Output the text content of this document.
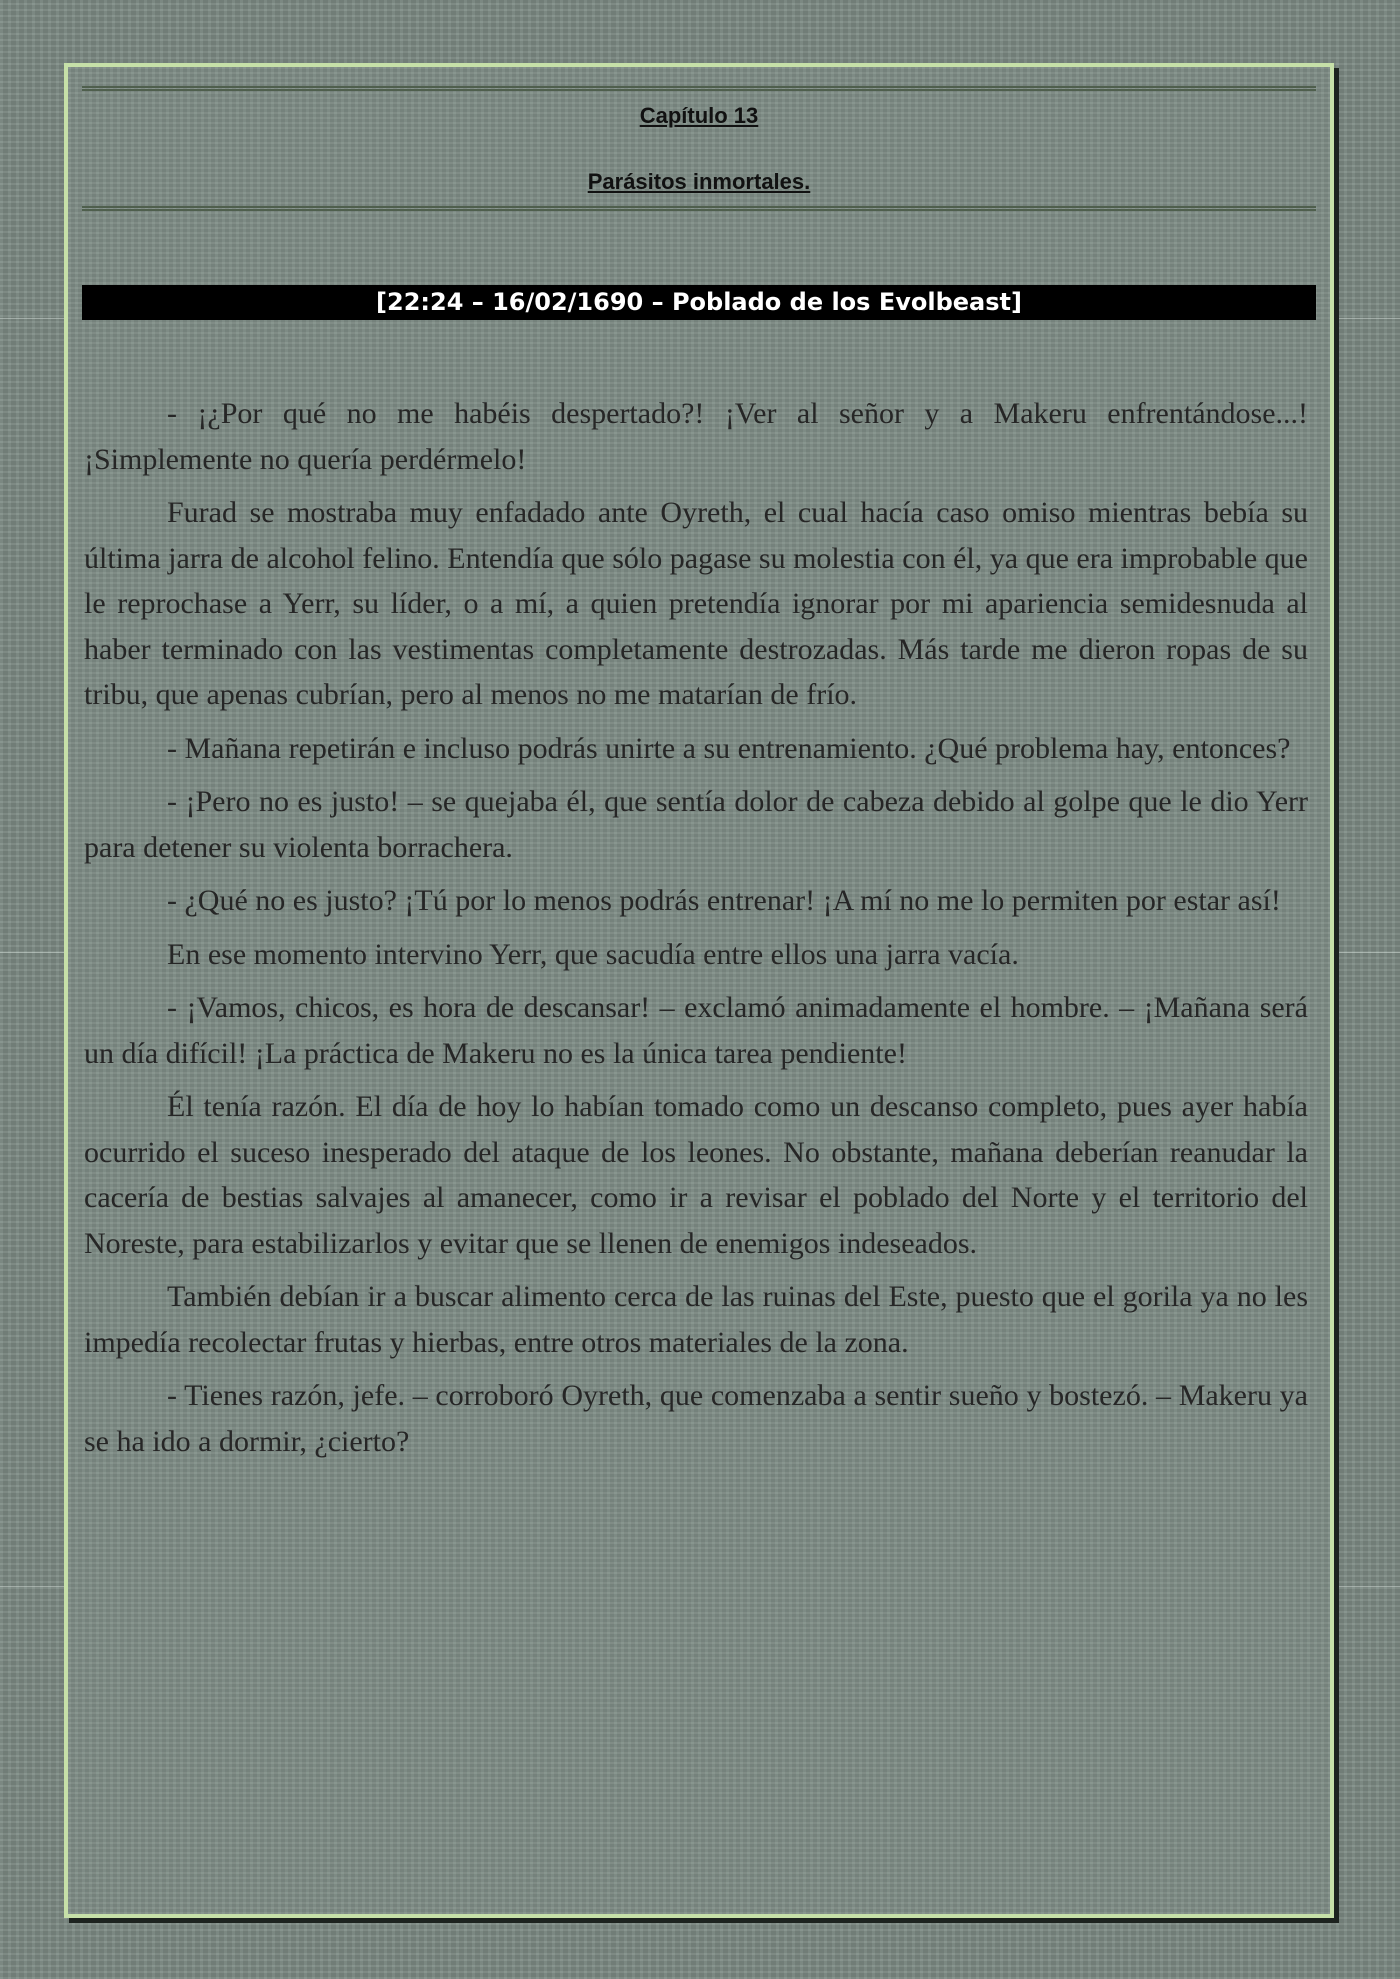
Capítulo 13
Parásitos inmortales.
[22:24 – 16/02/1690 – Poblado de los Evolbeast]

- ¡¿Por qué no me habéis despertado?! ¡Ver al señor y a Makeru enfrentándose...! ¡Simplemente no quería perdérmelo!

Furad se mostraba muy enfadado ante Oyreth, el cual hacía caso omiso mientras bebía su última jarra de alcohol felino. Entendía que sólo pagase su molestia con él, ya que era improbable que le reprochase a Yerr, su líder, o a mí, a quien pretendía ignorar por mi apariencia semidesnuda al haber terminado con las vestimentas completamente destrozadas. Más tarde me dieron ropas de su tribu, que apenas cubrían, pero al menos no me matarían de frío.

- Mañana repetirán e incluso podrás unirte a su entrenamiento. ¿Qué problema hay, entonces?

- ¡Pero no es justo! – se quejaba él, que sentía dolor de cabeza debido al golpe que le dio Yerr para detener su violenta borrachera.

- ¿Qué no es justo? ¡Tú por lo menos podrás entrenar! ¡A mí no me lo permiten por estar así!

En ese momento intervino Yerr, que sacudía entre ellos una jarra vacía.

- ¡Vamos, chicos, es hora de descansar! – exclamó animadamente el hombre. – ¡Mañana será un día difícil! ¡La práctica de Makeru no es la única tarea pendiente!

Él tenía razón. El día de hoy lo habían tomado como un descanso completo, pues ayer había ocurrido el suceso inesperado del ataque de los leones. No obstante, mañana deberían reanudar la cacería de bestias salvajes al amanecer, como ir a revisar el poblado del Norte y el territorio del Noreste, para estabilizarlos y evitar que se llenen de enemigos indeseados.

También debían ir a buscar alimento cerca de las ruinas del Este, puesto que el gorila ya no les impedía recolectar frutas y hierbas, entre otros materiales de la zona.

- Tienes razón, jefe. – corroboró Oyreth, que comenzaba a sentir sueño y bostezó. – Makeru ya se ha ido a dormir, ¿cierto?
